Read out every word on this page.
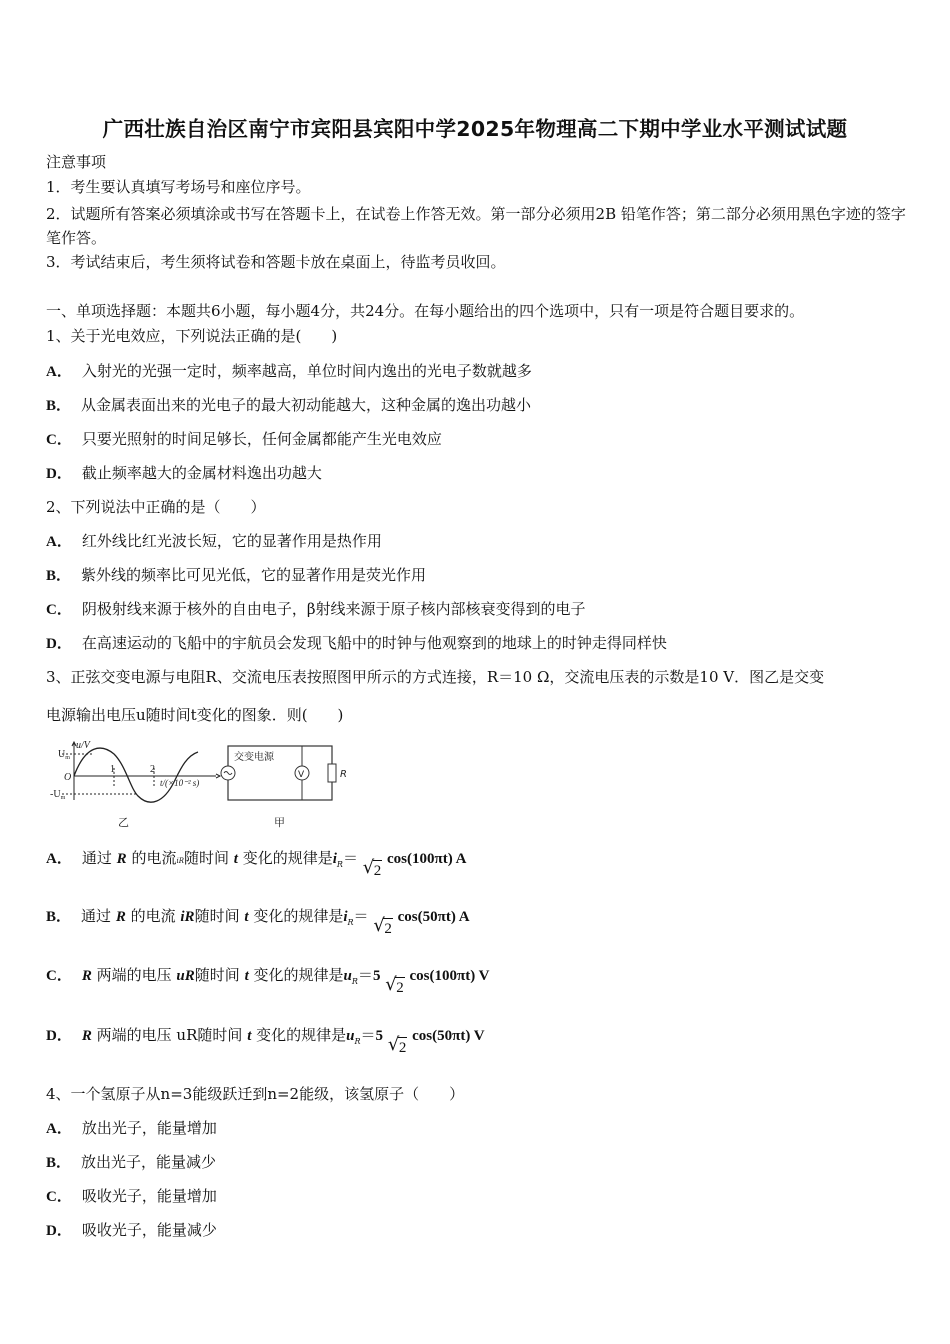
广西壮族自治区南宁市宾阳县宾阳中学2025年物理高二下期中学业水平测试试题
注意事项
1．考生要认真填写考场号和座位序号。
2．试题所有答案必须填涂或书写在答题卡上，在试卷上作答无效。第一部分必须用2B 铅笔作答；第二部分必须用黑色字迹的签字笔作答。
3．考试结束后，考生须将试卷和答题卡放在桌面上，待监考员收回。
一、单项选择题：本题共6小题，每小题4分，共24分。在每小题给出的四个选项中，只有一项是符合题目要求的。
1、关于光电效应，下列说法正确的是(　　)
A． 入射光的光强一定时，频率越高，单位时间内逸出的光电子数就越多
B． 从金属表面出来的光电子的最大初动能越大，这种金属的逸出功越小
C． 只要光照射的时间足够长，任何金属都能产生光电效应
D． 截止频率越大的金属材料逸出功越大
2、下列说法中正确的是（　　）
A． 红外线比红光波长短，它的显著作用是热作用
B． 紫外线的频率比可见光低，它的显著作用是荧光作用
C． 阴极射线来源于核外的自由电子，β射线来源于原子核内部核衰变得到的电子
D． 在高速运动的飞船中的宇航员会发现飞船中的时钟与他观察到的地球上的时钟走得同样快
3、正弦交变电源与电阻R、交流电压表按照图甲所示的方式连接，R＝10 Ω，交流电压表的示数是10 V．图乙是交变
电源输出电压u随时间t变化的图象．则(　　)
$U_m$
u/V
O
$-U_m$
1	2
t/(×10⁻² s)
乙
交变电源
V	R
甲
A． 通过 R 的电流iR随时间 t 变化的规律是$i_R=$ √ 2 cos(100πt) A
B． 通过 R 的电流 iR随时间 t 变化的规律是$i_R=$ √ 2 cos(50πt) A
C． R 两端的电压 uR随时间 t 变化的规律是$u_R=5$ √ 2 cos(100πt) V
D． R 两端的电压 uR随时间 t 变化的规律是$u_R=5$ √ 2 cos(50πt) V
4、一个氢原子从n=3能级跃迁到n=2能级，该氢原子（　　）
A． 放出光子，能量增加
B． 放出光子，能量减少
C． 吸收光子，能量增加
D． 吸收光子，能量减少
